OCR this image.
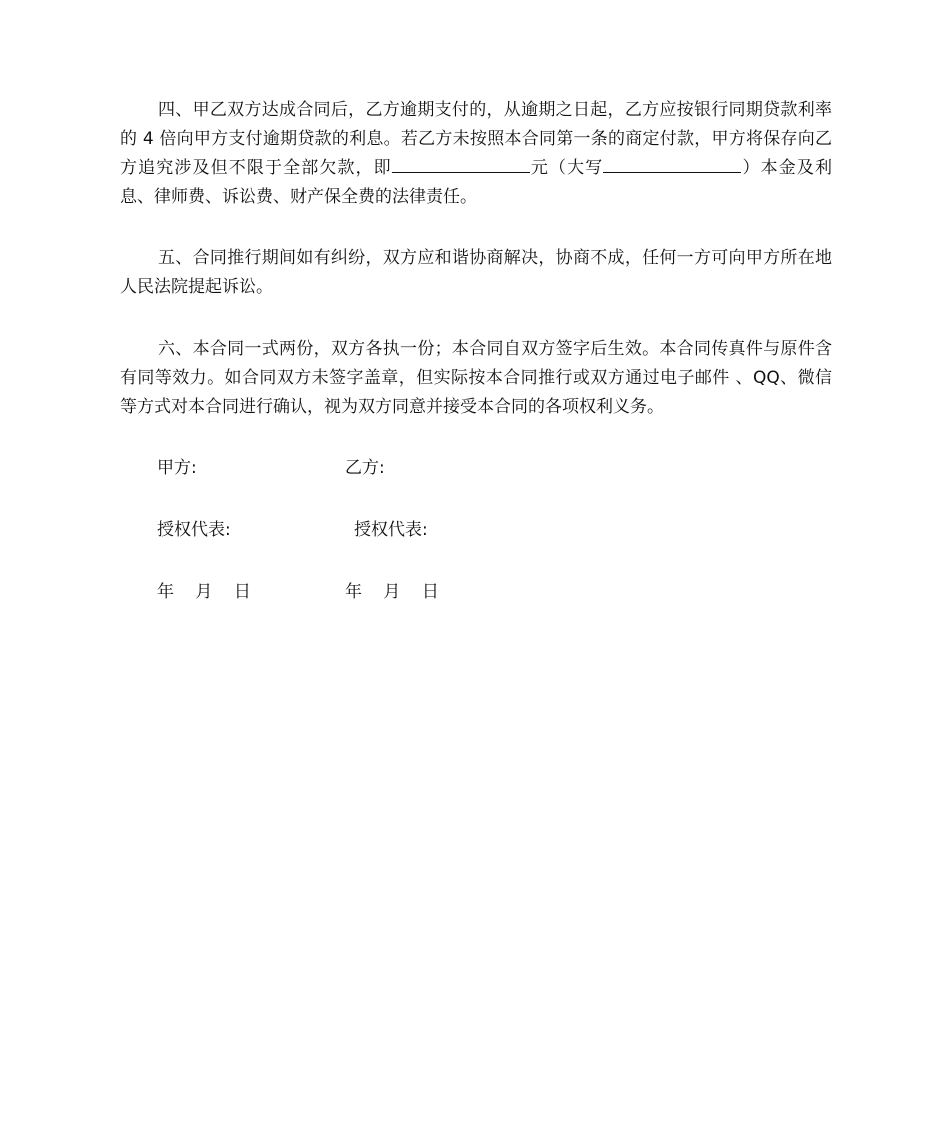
四、甲乙双方达成合同后，乙方逾期支付的，从逾期之日起，乙方应按银行同期贷款利率的 4 倍向甲方支付逾期贷款的利息。若乙方未按照本合同第一条的商定付款，甲方将保存向乙方追究涉及但不限于全部欠款，即	元（大写	）本金及利息、律师费、诉讼费、财产保全费的法律责任。

五、合同推行期间如有纠纷，双方应和谐协商解决，协商不成，任何一方可向甲方所在地人民法院提起诉讼。

六、本合同一式两份，双方各执一份；本合同自双方签字后生效。本合同传真件与原件含有同等效力。如合同双方未签字盖章，但实际按本合同推行或双方通过电子邮件 、QQ、微信等方式对本合同进行确认，视为双方同意并接受本合同的各项权利义务。

甲方:	乙方:
授权代表:	授权代表:
年 月 日	年 月 日
